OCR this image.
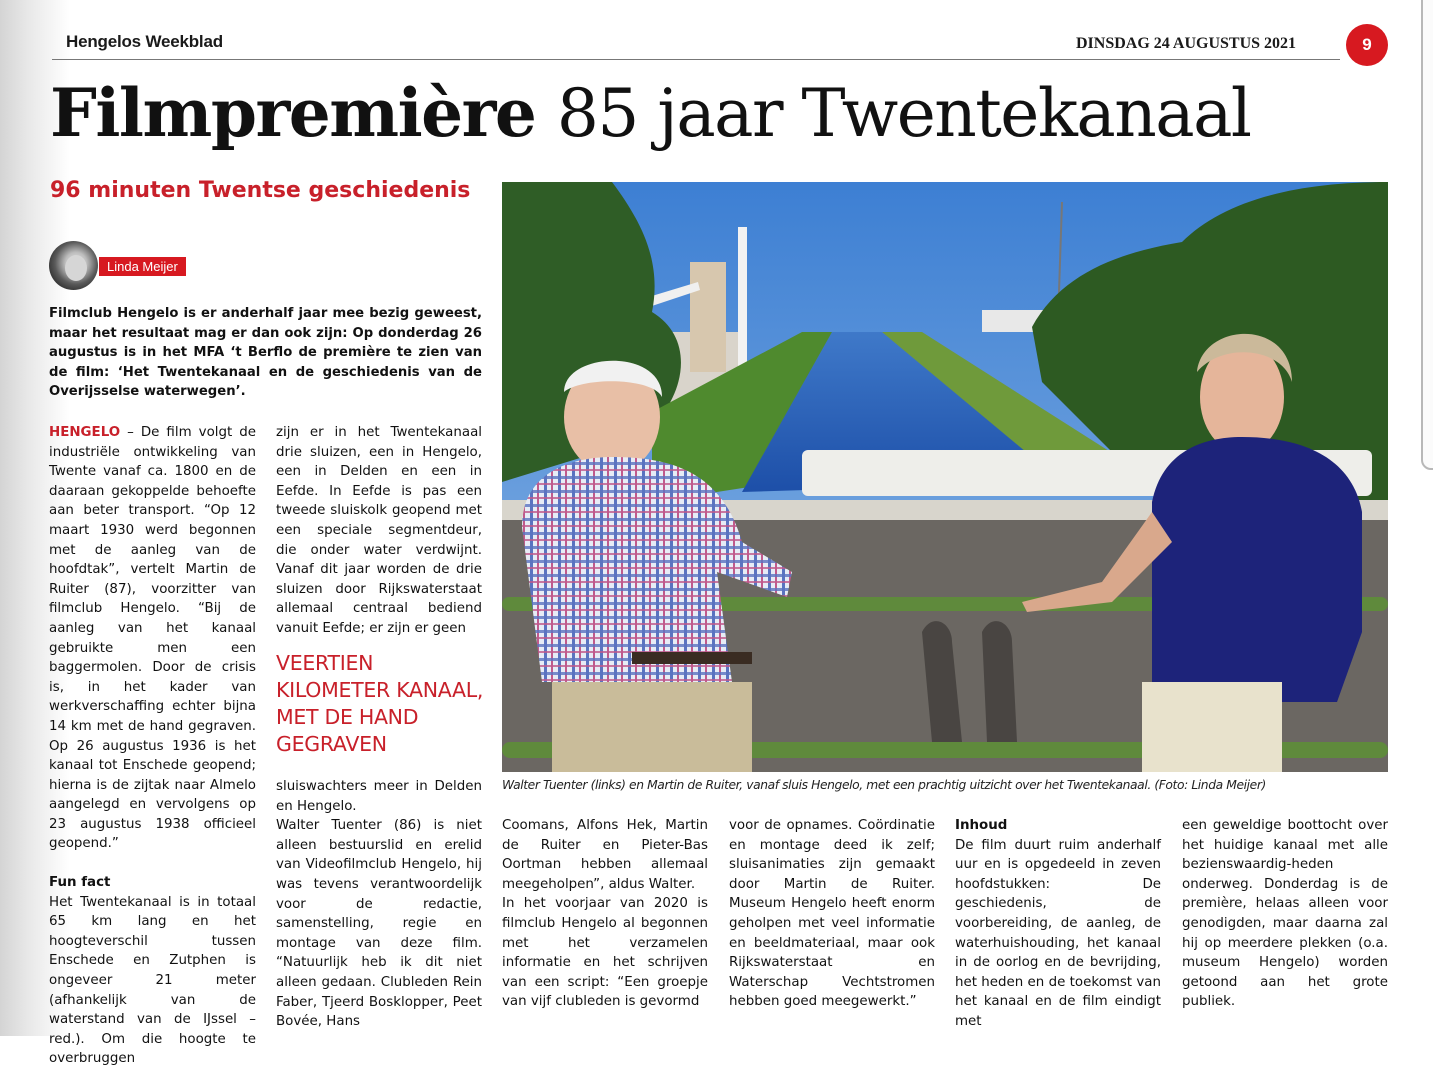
Hengelos Weekblad	DINSDAG 24 AUGUSTUS 2021	9
Filmpremière 85 jaar Twentekanaal
96 minuten Twentse geschiedenis
Linda Meijer

Filmclub Hengelo is er anderhalf jaar mee bezig geweest, maar het resultaat mag er dan ook zijn: Op donderdag 26 augustus is in het MFA ‘t Berflo de première te zien van de film: ‘Het Twentekanaal en de geschiedenis van de Overijsselse waterwegen’.

HENGELO – De film volgt de industriële ontwikkeling van Twente vanaf ca. 1800 en de daaraan gekoppelde behoefte aan beter transport. “Op 12 maart 1930 werd begonnen met de aanleg van de hoofdtak”, vertelt Martin de Ruiter (87), voorzitter van filmclub Hengelo. “Bij de aanleg van het kanaal gebruikte men een baggermolen. Door de crisis is, in het kader van werkverschaffing echter bijna 14 km met de hand gegraven. Op 26 augustus 1936 is het kanaal tot Enschede geopend; hierna is de zijtak naar Almelo aangelegd en vervolgens op 23 augustus 1938 officieel geopend.”

Fun fact

Het Twentekanaal is in totaal 65 km lang en het hoogteverschil tussen Enschede en Zutphen is ongeveer 21 meter (afhankelijk van de waterstand van de IJssel – red.). Om die hoogte te overbruggen

zijn er in het Twentekanaal drie sluizen, een in Hengelo, een in Delden en een in Eefde. In Eefde is pas een tweede sluiskolk geopend met een speciale segmentdeur, die onder water verdwijnt. Vanaf dit jaar worden de drie sluizen door Rijkswaterstaat allemaal centraal bediend vanuit Eefde; er zijn er geen

VEERTIEN KILOMETER KANAAL, MET DE HAND GEGRAVEN

sluiswachters meer in Delden en Hengelo.

Walter Tuenter (86) is niet alleen bestuurslid en erelid van Videofilmclub Hengelo, hij was tevens verantwoordelijk voor de redactie, samenstelling, regie en montage van deze film. “Natuurlijk heb ik dit niet alleen gedaan. Clubleden Rein Faber, Tjeerd Bosklopper, Peet Bovée, Hans

Walter Tuenter (links) en Martin de Ruiter, vanaf sluis Hengelo, met een prachtig uitzicht over het Twentekanaal. (Foto: Linda Meijer)

Coomans, Alfons Hek, Martin de Ruiter en Pieter-Bas Oortman hebben allemaal meegeholpen”, aldus Walter.

In het voorjaar van 2020 is filmclub Hengelo al begonnen met het verzamelen informatie en het schrijven van een script: “Een groepje van vijf clubleden is gevormd

voor de opnames. Coördinatie en montage deed ik zelf; sluisanimaties zijn gemaakt door Martin de Ruiter. Museum Hengelo heeft enorm geholpen met veel informatie en beeldmateriaal, maar ook Rijkswaterstaat en Waterschap Vechtstromen hebben goed meegewerkt.”

Inhoud

De film duurt ruim anderhalf uur en is opgedeeld in zeven hoofdstukken: De geschiedenis, de voorbereiding, de aanleg, de waterhuishouding, het kanaal in de oorlog en de bevrijding, het heden en de toekomst van het kanaal en de film eindigt met

een geweldige boottocht over het huidige kanaal met alle bezienswaardig-heden onderweg. Donderdag is de première, helaas alleen voor genodigden, maar daarna zal hij op meerdere plekken (o.a. museum Hengelo) worden getoond aan het grote publiek.
